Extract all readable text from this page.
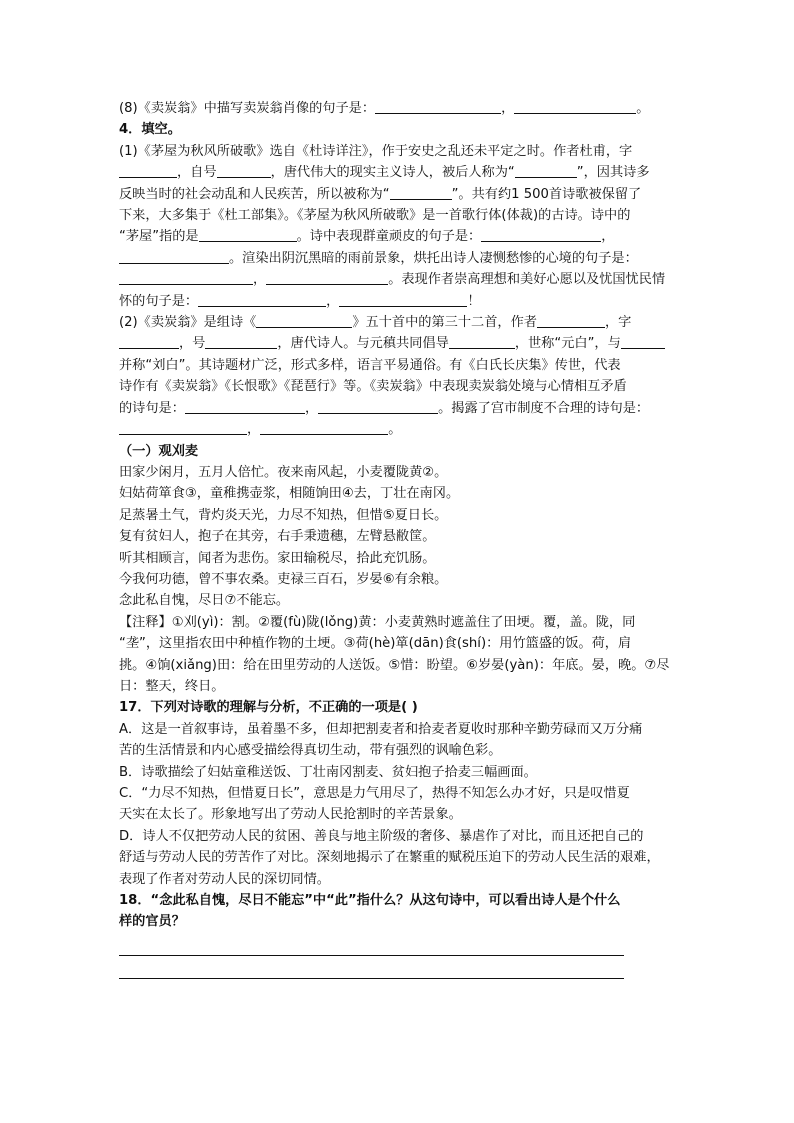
(8)《卖炭翁》中描写卖炭翁肖像的句子是：	，	。
4．填空。
(1)《茅屋为秋风所破歌》选自《杜诗详注》，作于安史之乱还未平定之时。作者杜甫，字
，自号	，唐代伟大的现实主义诗人，被后人称为“	”，因其诗多
反映当时的社会动乱和人民疾苦，所以被称为“	”。共有约1 500首诗歌被保留了
下来，大多集于《杜工部集》。《茅屋为秋风所破歌》是一首歌行体(体裁)的古诗。诗中的
“茅屋”指的是	。诗中表现群童顽皮的句子是：	，
。渲染出阴沉黑暗的雨前景象，烘托出诗人凄恻愁惨的心境的句子是：
，	。表现作者崇高理想和美好心愿以及忧国忧民情
怀的句子是：	，	！
(2)《卖炭翁》是组诗《	》五十首中的第三十二首，作者	，字
，号	，唐代诗人。与元稹共同倡导	，世称“元白”，与
并称“刘白”。其诗题材广泛，形式多样，语言平易通俗。有《白氏长庆集》传世，代表
诗作有《卖炭翁》《长恨歌》《琵琶行》等。《卖炭翁》中表现卖炭翁处境与心情相互矛盾
的诗句是：	，	。揭露了宫市制度不合理的诗句是：
，	。
（一）观刈麦
田家少闲月，五月人倍忙。夜来南风起，小麦覆陇黄②。
妇姑荷箪食③，童稚携壶浆，相随饷田④去，丁壮在南冈。
足蒸暑土气，背灼炎天光，力尽不知热，但惜⑤夏日长。
复有贫妇人，抱子在其旁，右手秉遗穗，左臂悬敝筐。
听其相顾言，闻者为悲伤。家田输税尽，拾此充饥肠。
今我何功德，曾不事农桑。吏禄三百石，岁晏⑥有余粮。
念此私自愧，尽日⑦不能忘。
【注释】①刈(yì)：割。②覆(fù)陇(lǒng)黄：小麦黄熟时遮盖住了田埂。覆，盖。陇，同
“垄”，这里指农田中种植作物的土埂。③荷(hè)箪(dān)食(shí)：用竹篮盛的饭。荷，肩
挑。④饷(xiǎng)田：给在田里劳动的人送饭。⑤惜：盼望。⑥岁晏(yàn)：年底。晏，晚。⑦尽
日：整天，终日。
17．下列对诗歌的理解与分析，不正确的一项是( )
A．这是一首叙事诗，虽着墨不多，但却把割麦者和拾麦者夏收时那种辛勤劳碌而又万分痛
苦的生活情景和内心感受描绘得真切生动，带有强烈的讽喻色彩。
B．诗歌描绘了妇姑童稚送饭、丁壮南冈割麦、贫妇抱子拾麦三幅画面。
C．“力尽不知热，但惜夏日长”，意思是力气用尽了，热得不知怎么办才好，只是叹惜夏
天实在太长了。形象地写出了劳动人民抢割时的辛苦景象。
D．诗人不仅把劳动人民的贫困、善良与地主阶级的奢侈、暴虐作了对比，而且还把自己的
舒适与劳动人民的劳苦作了对比。深刻地揭示了在繁重的赋税压迫下的劳动人民生活的艰难，
表现了作者对劳动人民的深切同情。
18．“念此私自愧，尽日不能忘”中“此”指什么？从这句诗中，可以看出诗人是个什么
样的官员？
